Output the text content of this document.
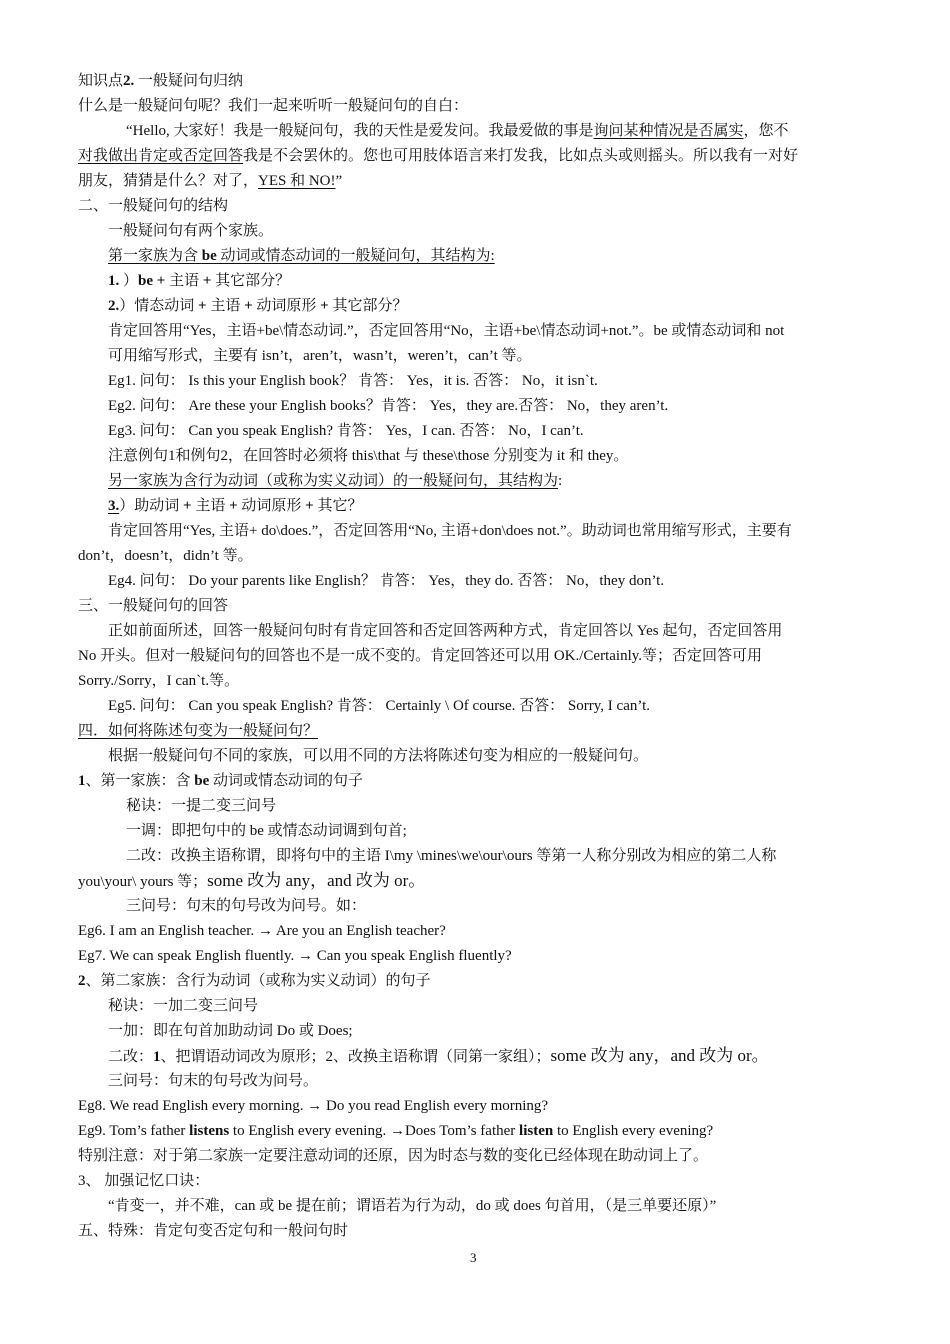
知识点2. 一般疑问句归纳
什么是一般疑问句呢？我们一起来听听一般疑问句的自白：
“Hello, 大家好！我是一般疑问句，我的天性是爱发问。我最爱做的事是询问某种情况是否属实，您不
对我做出肯定或否定回答我是不会罢休的。您也可用肢体语言来打发我，比如点头或则摇头。所以我有一对好
朋友，猜猜是什么？对了，YES 和 NO!”
二、一般疑问句的结构
一般疑问句有两个家族。
第一家族为含 be 动词或情态动词的一般疑问句，其结构为:
1. ）be + 主语 + 其它部分？
2.）情态动词 + 主语 + 动词原形 + 其它部分？
肯定回答用“Yes，主语+be\情态动词.”，否定回答用“No，主语+be\情态动词+not.”。be 或情态动词和 not
可用缩写形式，主要有 isn’t，aren’t，wasn’t，weren’t，can’t 等。
Eg1. 问句： Is this your English book？ 肯答： Yes，it is. 否答： No，it isn`t.
Eg2. 问句： Are these your English books？肯答： Yes，they are.否答： No，they aren’t.
Eg3. 问句： Can you speak English? 肯答： Yes，I can. 否答： No，I can’t.
注意例句1和例句2，在回答时必须将 this\that 与 these\those 分别变为 it 和 they。
另一家族为含行为动词（或称为实义动词）的一般疑问句，其结构为:
3.）助动词 + 主语 + 动词原形 + 其它？
肯定回答用“Yes, 主语+ do\does.”，否定回答用“No, 主语+don\does not.”。助动词也常用缩写形式，主要有
don’t，doesn’t，didn’t 等。
Eg4. 问句： Do your parents like English？ 肯答： Yes，they do. 否答： No，they don’t.
三、一般疑问句的回答
正如前面所述，回答一般疑问句时有肯定回答和否定回答两种方式，肯定回答以 Yes 起句，否定回答用
No 开头。但对一般疑问句的回答也不是一成不变的。肯定回答还可以用 OK./Certainly.等；否定回答可用
Sorry./Sorry，I can`t.等。
Eg5. 问句： Can you speak English? 肯答： Certainly \ Of course. 否答： Sorry, I can’t.
四．如何将陈述句变为一般疑问句？
根据一般疑问句不同的家族，可以用不同的方法将陈述句变为相应的一般疑问句。
1、第一家族：含 be 动词或情态动词的句子
秘诀：一提二变三问号
一调：即把句中的 be 或情态动词调到句首;
二改：改换主语称谓，即将句中的主语 I\my \mines\we\our\ours 等第一人称分别改为相应的第二人称
you\your\ yours 等；some 改为 any，and 改为 or。
三问号：句末的句号改为问号。如：
Eg6. I am an English teacher. → Are you an English teacher?
Eg7. We can speak English fluently. → Can you speak English fluently?
2、第二家族：含行为动词（或称为实义动词）的句子
秘诀：一加二变三问号
一加：即在句首加助动词 Do 或 Does;
二改：1、把谓语动词改为原形；2、改换主语称谓（同第一家组）；some 改为 any，and 改为 or。
三问号：句末的句号改为问号。
Eg8. We read English every morning. → Do you read English every morning?
Eg9. Tom’s father listens to English every evening. →Does Tom’s father listen to English every evening?
特别注意：对于第二家族一定要注意动词的还原，因为时态与数的变化已经体现在助动词上了。
3、 加强记忆口诀：
“肯变一，并不难，can 或 be 提在前；谓语若为行为动，do 或 does 句首用，（是三单要还原）”
五、特殊：肯定句变否定句和一般问句时
3
